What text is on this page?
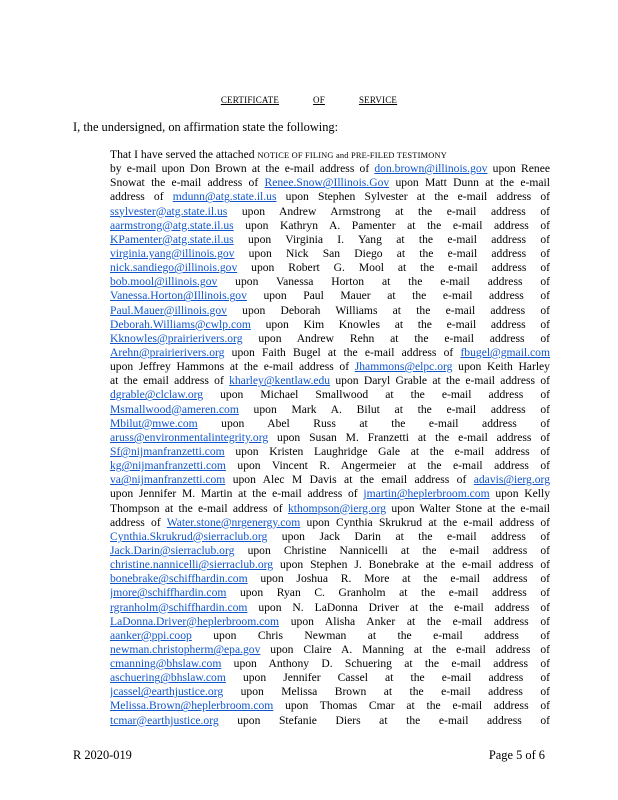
CERTIFICATE	OF	SERVICE
I, the undersigned, on affirmation state the following:
That I have served the attached NOTICE OF FILING and PRE-FILED TESTIMONY
by e-mail upon Don Brown at the e-mail address of don.brown@illinois.gov upon Renee
Snowat the e-mail address of Renee.Snow@Illinois.Gov upon Matt Dunn at the e-mail
address of mdunn@atg.state.il.us upon Stephen Sylvester at the e-mail address of
ssylvester@atg.state.il.us upon Andrew Armstrong at the e-mail address of
aarmstrong@atg.state.il.us upon Kathryn A. Pamenter at the e-mail address of
KPamenter@atg.state.il.us upon Virginia I. Yang at the e-mail address of
virginia.yang@illinois.gov upon Nick San Diego at the e-mail address of
nick.sandiego@illinois.gov upon Robert G. Mool at the e-mail address of
bob.mool@illinois.gov upon Vanessa Horton at the e-mail address of
Vanessa.Horton@Illinois.gov upon Paul Mauer at the e-mail address of
Paul.Mauer@illinois.gov upon Deborah Williams at the e-mail address of
Deborah.Williams@cwlp.com upon Kim Knowles at the e-mail address of
Kknowles@prairierivers.org upon Andrew Rehn at the e-mail address of
Arehn@prairierivers.org upon Faith Bugel at the e-mail address of fbugel@gmail.com
upon Jeffrey Hammons at the e-mail address of Jhammons@elpc.org upon Keith Harley
at the email address of kharley@kentlaw.edu upon Daryl Grable at the e-mail address of
dgrable@clclaw.org upon Michael Smallwood at the e-mail address of
Msmallwood@ameren.com upon Mark A. Bilut at the e-mail address of
Mbilut@mwe.com upon Abel Russ at the e-mail address of
aruss@environmentalintegrity.org upon Susan M. Franzetti at the e-mail address of
Sf@nijmanfranzetti.com upon Kristen Laughridge Gale at the e-mail address of
kg@nijmanfranzetti.com upon Vincent R. Angermeier at the e-mail address of
va@nijmanfranzetti.com upon Alec M Davis at the email address of adavis@ierg.org
upon Jennifer M. Martin at the e-mail address of jmartin@heplerbroom.com upon Kelly
Thompson at the e-mail address of kthompson@ierg.org upon Walter Stone at the e-mail
address of Water.stone@nrgenergy.com upon Cynthia Skrukrud at the e-mail address of
Cynthia.Skrukrud@sierraclub.org upon Jack Darin at the e-mail address of
Jack.Darin@sierraclub.org upon Christine Nannicelli at the e-mail address of
christine.nannicelli@sierraclub.org upon Stephen J. Bonebrake at the e-mail address of
bonebrake@schiffhardin.com upon Joshua R. More at the e-mail address of
jmore@schiffhardin.com upon Ryan C. Granholm at the e-mail address of
rgranholm@schiffhardin.com upon N. LaDonna Driver at the e-mail address of
LaDonna.Driver@heplerbroom.com upon Alisha Anker at the e-mail address of
aanker@ppi.coop upon Chris Newman at the e-mail address of
newman.christopherm@epa.gov upon Claire A. Manning at the e-mail address of
cmanning@bhslaw.com upon Anthony D. Schuering at the e-mail address of
aschuering@bhslaw.com upon Jennifer Cassel at the e-mail address of
jcassel@earthjustice.org upon Melissa Brown at the e-mail address of
Melissa.Brown@heplerbroom.com upon Thomas Cmar at the e-mail address of
tcmar@earthjustice.org upon Stefanie Diers at the e-mail address of
R 2020-019	Page 5 of 6
